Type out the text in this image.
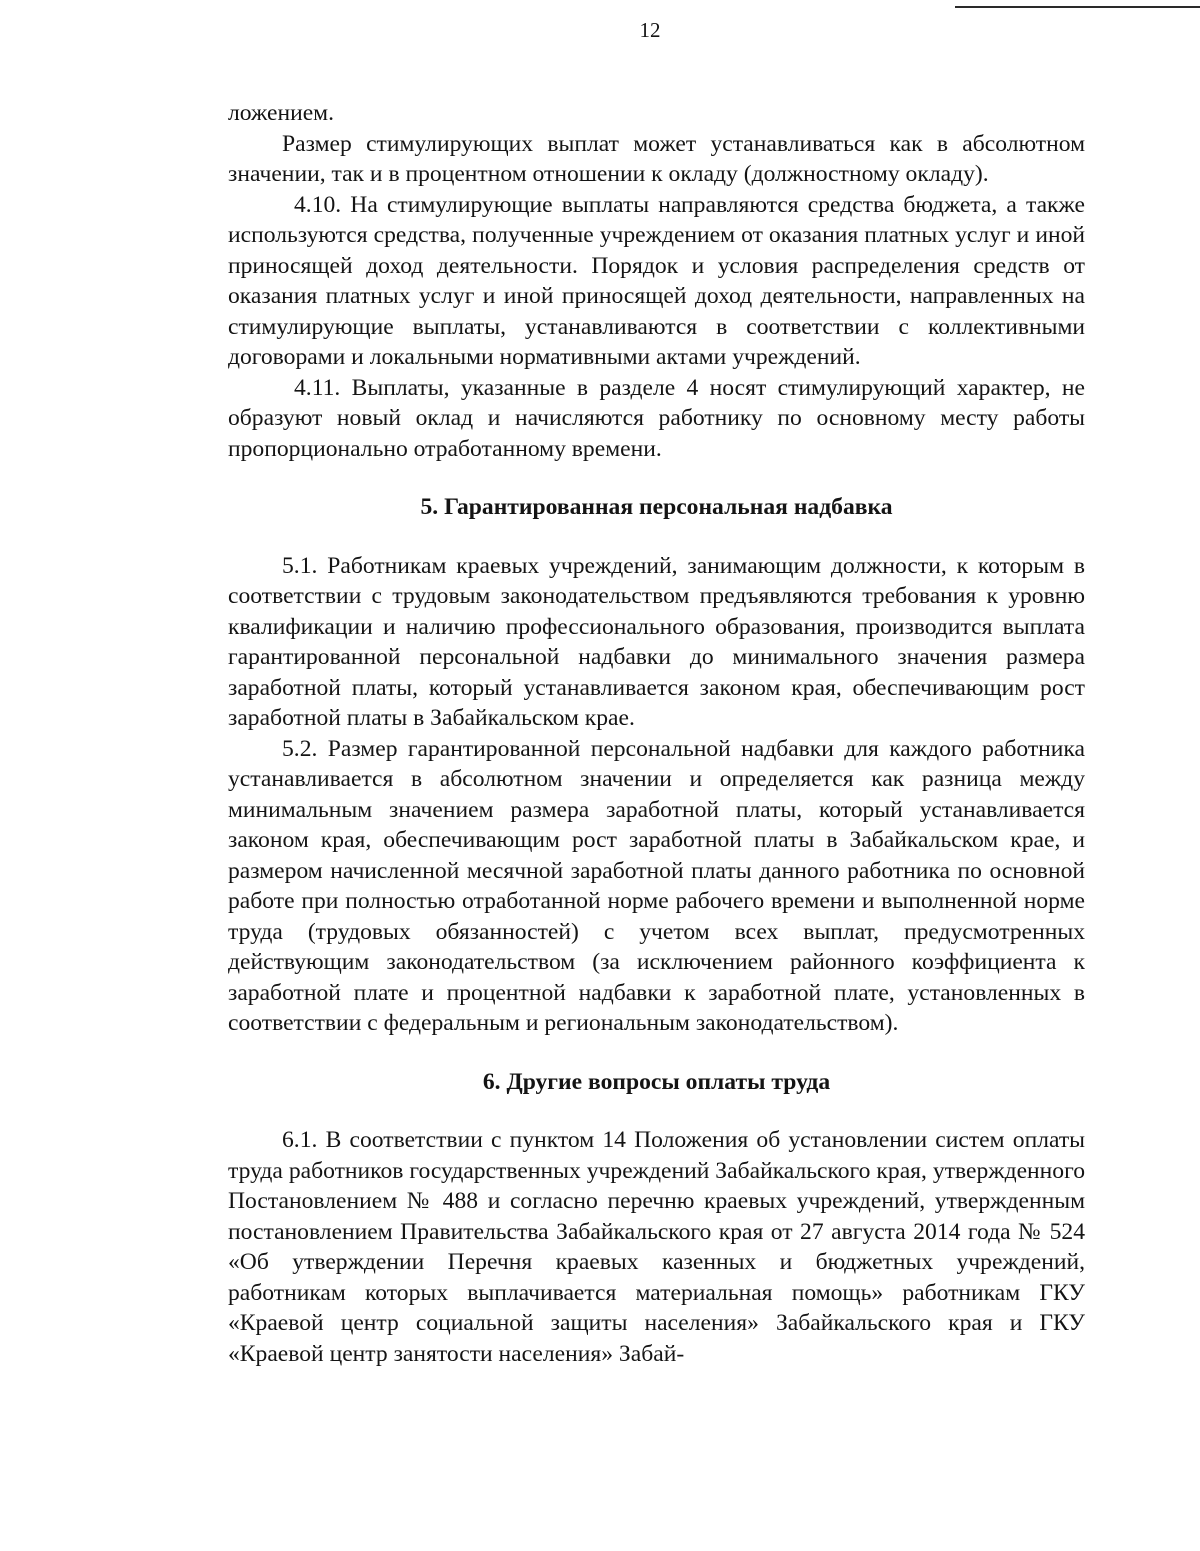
12

ложением.

Размер стимулирующих выплат может устанавливаться как в абсолютном значении, так и в процентном отношении к окладу (должностному окладу).

4.10. На стимулирующие выплаты направляются средства бюджета, а также используются средства, полученные учреждением от оказания платных услуг и иной приносящей доход деятельности. Порядок и условия распределения средств от оказания платных услуг и иной приносящей доход деятельности, направленных на стимулирующие выплаты, устанавливаются в соответствии с коллективными договорами и локальными нормативными актами учреждений.

4.11. Выплаты, указанные в разделе 4 носят стимулирующий характер, не образуют новый оклад и начисляются работнику по основному месту работы пропорционально отработанному времени.

5. Гарантированная персональная надбавка

5.1. Работникам краевых учреждений, занимающим должности, к которым в соответствии с трудовым законодательством предъявляются требования к уровню квалификации и наличию профессионального образования, производится выплата гарантированной персональной надбавки до минимального значения размера заработной платы, который устанавливается законом края, обеспечивающим рост заработной платы в Забайкальском крае.

5.2. Размер гарантированной персональной надбавки для каждого работника устанавливается в абсолютном значении и определяется как разница между минимальным значением размера заработной платы, который устанавливается законом края, обеспечивающим рост заработной платы в Забайкальском крае, и размером начисленной месячной заработной платы данного работника по основной работе при полностью отработанной норме рабочего времени и выполненной норме труда (трудовых обязанностей) с учетом всех выплат, предусмотренных действующим законодательством (за исключением районного коэффициента к заработной плате и процентной надбавки к заработной плате, установленных в соответствии с федеральным и региональным законодательством).

6. Другие вопросы оплаты труда

6.1. В соответствии с пунктом 14 Положения об установлении систем оплаты труда работников государственных учреждений Забайкальского края, утвержденного Постановлением № 488 и согласно перечню краевых учреждений, утвержденным постановлением Правительства Забайкальского края от 27 августа 2014 года № 524 «Об утверждении Перечня краевых казенных и бюджетных учреждений, работникам которых выплачивается материальная помощь» работникам ГКУ «Краевой центр социальной защиты населения» Забайкальского края и ГКУ «Краевой центр занятости населения» Забай-
